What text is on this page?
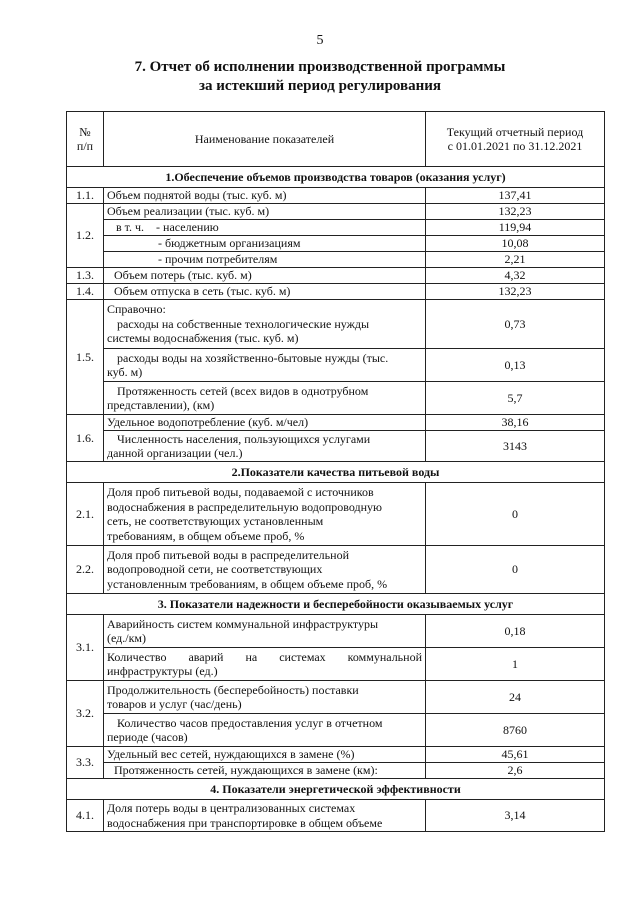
5
7. Отчет об исполнении производственной программы
за истекший период регулирования
№
п/п	Наименование показателей	Текущий отчетный период
с 01.01.2021 по 31.12.2021

1.Обеспечение объемов производства товаров (оказания услуг)		
1.1.	Объем поднятой воды (тыс. куб. м)	137,41
1.2.	Объем реализации (тыс. куб. м)	132,23
	в т. ч.    - населению	119,94
	- бюджетным организациям	10,08
	- прочим потребителям	2,21
1.3.	Объем потерь (тыс. куб. м)	4,32
1.4.	Объем отпуска в сеть (тыс. куб. м)	132,23
1.5.	Справочно:
расходы на собственные технологические нужды
системы водоснабжения (тыс. куб. м)	0,73

	расходы воды на хозяйственно-бытовые нужды (тыс.
куб. м)	0,13

	Протяженность сетей (всех видов в однотрубном
представлении), (км)	5,7
1.6.	Удельное водопотребление (куб. м/чел)	38,16

	Численность населения, пользующихся услугами
данной организации (чел.)	3143
2.Показатели качества питьевой воды		
2.1.	Доля проб питьевой воды, подаваемой с источников
водоснабжения в распределительную водопроводную
сеть, не соответствующих установленным
требованиям, в общем объеме проб, %	0
2.2.	Доля проб питьевой воды в распределительной
водопроводной сети, не соответствующих
установленным требованиям, в общем объеме проб, %	0
3. Показатели надежности и бесперебойности оказываемых услуг		
3.1.	Аварийность систем коммунальной инфраструктуры
(ед./км)	0,18

	Количество аварий на системах коммунальной
инфраструктуры (ед.)	1
3.2.	Продолжительность (бесперебойность) поставки
товаров и услуг (час/день)	24

	Количество часов предоставления услуг в отчетном
периоде (часов)	8760
3.3.	Удельный вес сетей, нуждающихся в замене (%)	45,61
	Протяженность сетей, нуждающихся в замене (км):	2,6
4. Показатели энергетической эффективности		
4.1.	Доля потерь воды в централизованных системах
водоснабжения при транспортировке в общем объеме	3,14
